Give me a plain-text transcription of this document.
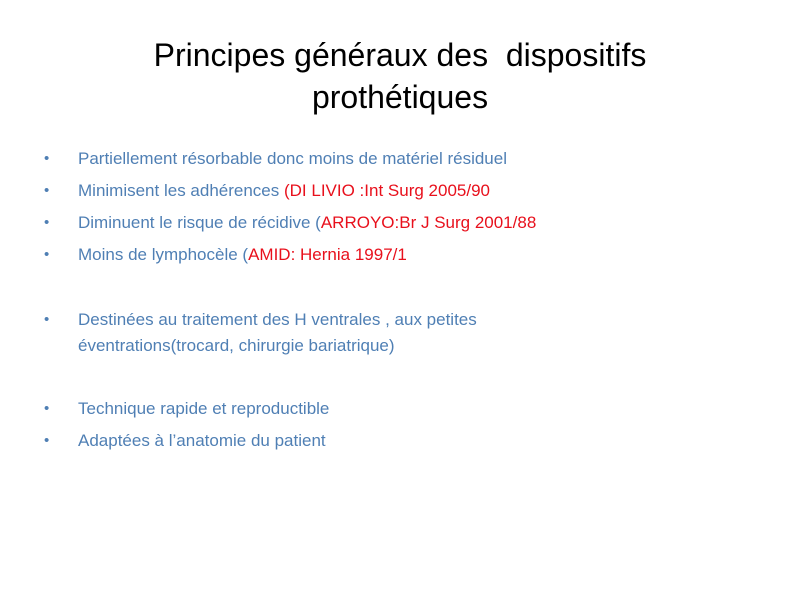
Principes généraux des  dispositifs
prothétiques
•	Partiellement résorbable donc moins de matériel résiduel
•	Minimisent les adhérences (DI LIVIO :Int Surg 2005/90
•	Diminuent le risque de récidive (ARROYO:Br J Surg 2001/88
•	Moins de lymphocèle (AMID: Hernia 1997/1
•	Destinées au traitement des H ventrales , aux petites
éventrations(trocard, chirurgie bariatrique)
•	Technique rapide et reproductible
•	Adaptées à l’anatomie du patient
